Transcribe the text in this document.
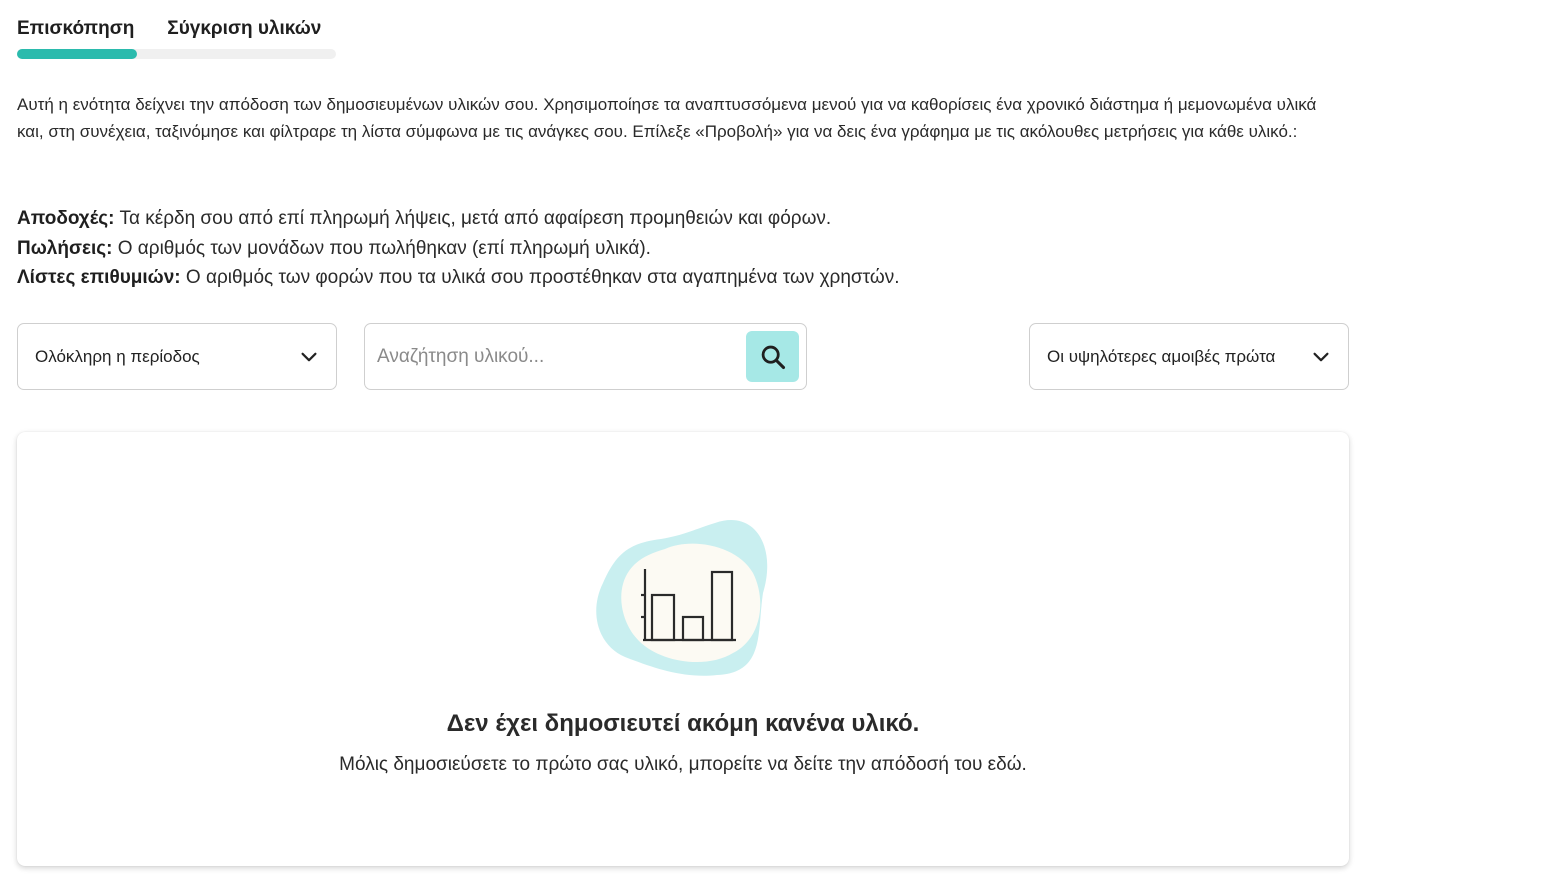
Επισκόπηση Σύγκριση υλικών

Αυτή η ενότητα δείχνει την απόδοση των δημοσιευμένων υλικών σου. Χρησιμοποίησε τα αναπτυσσόμενα μενού για να καθορίσεις ένα χρονικό διάστημα ή μεμονωμένα υλικά και, στη συνέχεια, ταξινόμησε και φίλτραρε τη λίστα σύμφωνα με τις ανάγκες σου. Επίλεξε «Προβολή» για να δεις ένα γράφημα με τις ακόλουθες μετρήσεις για κάθε υλικό.:

Αποδοχές: Τα κέρδη σου από επί πληρωμή λήψεις, μετά από αφαίρεση προμηθειών και φόρων.
Πωλήσεις: Ο αριθμός των μονάδων που πωλήθηκαν (επί πληρωμή υλικά).
Λίστες επιθυμιών: Ο αριθμός των φορών που τα υλικά σου προστέθηκαν στα αγαπημένα των χρηστών.
Ολόκληρη η περίοδος
Αναζήτηση υλικού...	Οι υψηλότερες αμοιβές πρώτα
Δεν έχει δημοσιευτεί ακόμη κανένα υλικό.
Μόλις δημοσιεύσετε το πρώτο σας υλικό, μπορείτε να δείτε την απόδοσή του εδώ.
